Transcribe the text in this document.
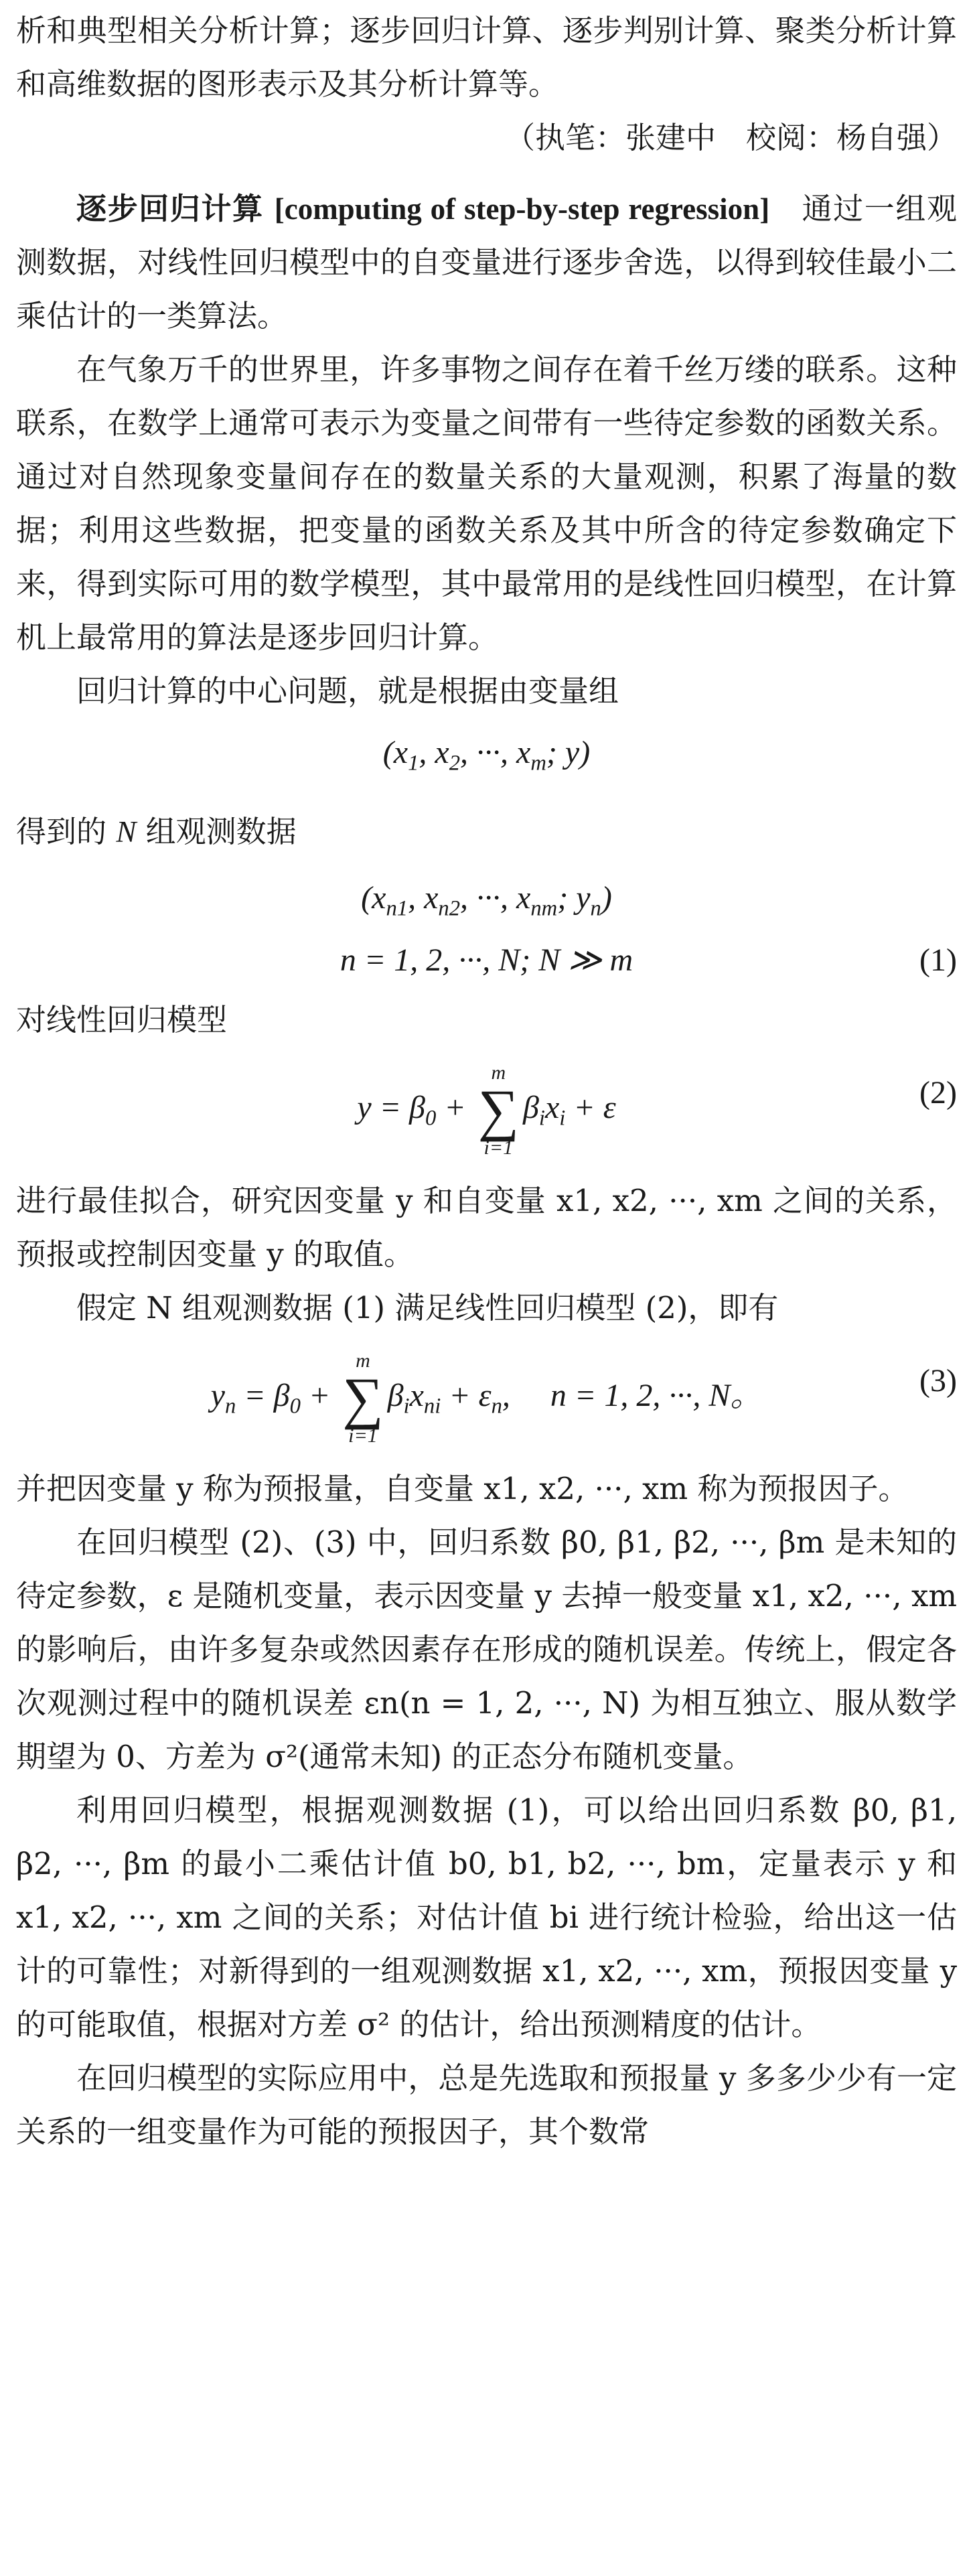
析和典型相关分析计算；逐步回归计算、逐步判别计算、聚类分析计算和高维数据的图形表示及其分析计算等。

（执笔：张建中　校阅：杨自强）

逐步回归计算 [computing of step-by-step regression]　 通过一组观测数据，对线性回归模型中的自变量进行逐步舍选，以得到较佳最小二乘估计的一类算法。

在气象万千的世界里，许多事物之间存在着千丝万缕的联系。这种联系，在数学上通常可表示为变量之间带有一些待定参数的函数关系。通过对自然现象变量间存在的数量关系的大量观测，积累了海量的数据；利用这些数据，把变量的函数关系及其中所含的待定参数确定下来，得到实际可用的数学模型，其中最常用的是线性回归模型，在计算机上最常用的算法是逐步回归计算。

回归计算的中心问题，就是根据由变量组

($x_1$, $x_2$, ···, $x_m$; y)

得到的 N 组观测数据

($x_{n1}$, $x_{n2}$, ···, $x_{nm}$; $y_n$)
n = 1, 2, ···, N; N ≫ m	(1)

对线性回归模型

$y = \beta_0$ +
m
∑
i=1
$\beta_ix_i + \varepsilon$	(2)

进行最佳拟合，研究因变量 y 和自变量 x1, x2, ···, xm 之间的关系，预报或控制因变量 y 的取值。

假定 N 组观测数据 (1) 满足线性回归模型 (2)，即有

$y_n = \beta_0$ +
m
∑
i=1
$\beta_ix_{ni} + \varepsilon_n$,　 n = 1, 2, ···, N。	(3)

并把因变量 y 称为预报量，自变量 x1, x2, ···, xm 称为预报因子。

在回归模型 (2)、(3) 中，回归系数 β0, β1, β2, ···, βm 是未知的待定参数，ε 是随机变量，表示因变量 y 去掉一般变量 x1, x2, ···, xm 的影响后，由许多复杂或然因素存在形成的随机误差。传统上，假定各次观测过程中的随机误差 εn(n = 1, 2, ···, N) 为相互独立、服从数学期望为 0、方差为 σ²(通常未知) 的正态分布随机变量。

利用回归模型，根据观测数据 (1)，可以给出回归系数 β0, β1, β2, ···, βm 的最小二乘估计值 b0, b1, b2, ···, bm，定量表示 y 和 x1, x2, ···, xm 之间的关系；对估计值 bi 进行统计检验，给出这一估计的可靠性；对新得到的一组观测数据 x1, x2, ···, xm，预报因变量 y 的可能取值，根据对方差 σ² 的估计，给出预测精度的估计。

在回归模型的实际应用中，总是先选取和预报量 y 多多少少有一定关系的一组变量作为可能的预报因子，其个数常
